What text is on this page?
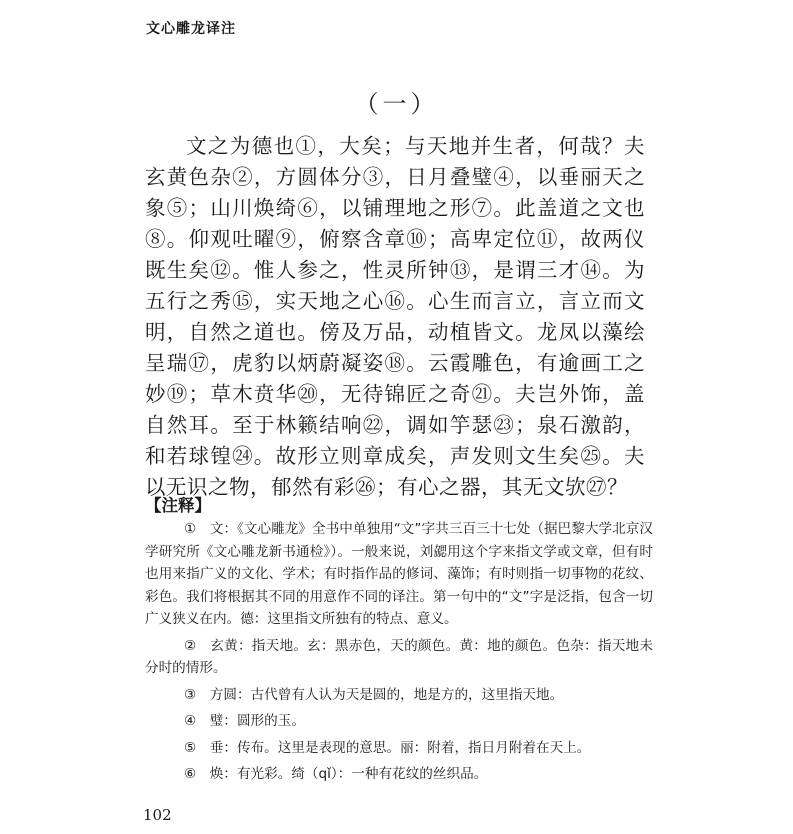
文心雕龙译注
（一）

文之为德也①，大矣；与天地并生者，何哉？夫玄黄色杂②，方圆体分③，日月叠璧④，以垂丽天之象⑤；山川焕绮⑥，以铺理地之形⑦。此盖道之文也⑧。仰观吐曜⑨，俯察含章⑩；高卑定位⑪，故两仪既生矣⑫。惟人参之，性灵所钟⑬，是谓三才⑭。为五行之秀⑮，实天地之心⑯。心生而言立，言立而文明，自然之道也。傍及万品，动植皆文。龙凤以藻绘呈瑞⑰，虎豹以炳蔚凝姿⑱。云霞雕色，有逾画工之妙⑲；草木贲华⑳，无待锦匠之奇㉑。夫岂外饰，盖自然耳。至于林籁结响㉒，调如竽瑟㉓；泉石激韵，和若球锽㉔。故形立则章成矣，声发则文生矣㉕。夫以无识之物，郁然有彩㉖；有心之器，其无文欤㉗？

【注释】

①　文：《文心雕龙》全书中单独用“文”字共三百三十七处（据巴黎大学北京汉学研究所《文心雕龙新书通检》）。一般来说，刘勰用这个字来指文学或文章，但有时也用来指广义的文化、学术；有时指作品的修词、藻饰；有时则指一切事物的花纹、彩色。我们将根据其不同的用意作不同的译注。第一句中的“文”字是泛指，包含一切广义狭义在内。德：这里指文所独有的特点、意义。

②　玄黄：指天地。玄：黑赤色，天的颜色。黄：地的颜色。色杂：指天地未分时的情形。

③　方圆：古代曾有人认为天是圆的，地是方的，这里指天地。

④　璧：圆形的玉。

⑤　垂：传布。这里是表现的意思。丽：附着，指日月附着在天上。

⑥　焕：有光彩。绮（qǐ）：一种有花纹的丝织品。

102
